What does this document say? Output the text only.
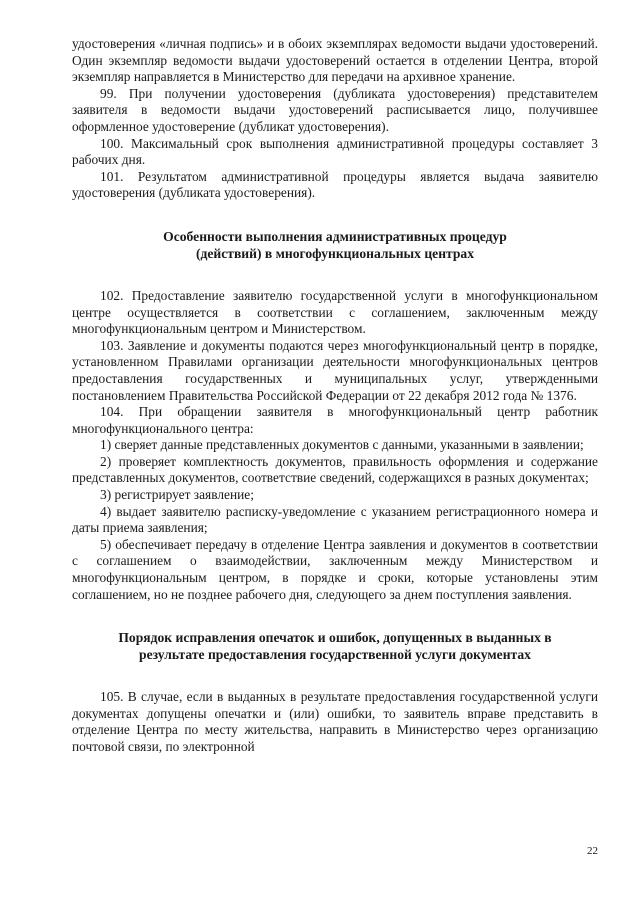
удостоверения «личная подпись» и в обоих экземплярах ведомости выдачи удостоверений. Один экземпляр ведомости выдачи удостоверений остается в отделении Центра, второй экземпляр направляется в Министерство для передачи на архивное хранение.

99. При получении удостоверения (дубликата удостоверения) представителем заявителя в ведомости выдачи удостоверений расписывается лицо, получившее оформленное удостоверение (дубликат удостоверения).

100. Максимальный срок выполнения административной процедуры составляет 3 рабочих дня.

101. Результатом административной процедуры является выдача заявителю удостоверения (дубликата удостоверения).

Особенности выполнения административных процедур
(действий) в многофункциональных центрах

102. Предоставление заявителю государственной услуги в многофункциональном центре осуществляется в соответствии с соглашением, заключенным между многофункциональным центром и Министерством.

103. Заявление и документы подаются через многофункциональный центр в порядке, установленном Правилами организации деятельности многофункциональных центров предоставления государственных и муниципальных услуг, утвержденными постановлением Правительства Российской Федерации от 22 декабря 2012 года № 1376.

104. При обращении заявителя в многофункциональный центр работник многофункционального центра:

1) сверяет данные представленных документов с данными, указанными в заявлении;

2) проверяет комплектность документов, правильность оформления и содержание представленных документов, соответствие сведений, содержащихся в разных документах;

3) регистрирует заявление;

4) выдает заявителю расписку-уведомление с указанием регистрационного номера и даты приема заявления;

5) обеспечивает передачу в отделение Центра заявления и документов в соответствии с соглашением о взаимодействии, заключенным между Министерством и многофункциональным центром, в порядке и сроки, которые установлены этим соглашением, но не позднее рабочего дня, следующего за днем поступления заявления.

Порядок исправления опечаток и ошибок, допущенных в выданных в
результате предоставления государственной услуги документах

105. В случае, если в выданных в результате предоставления государственной услуги документах допущены опечатки и (или) ошибки, то заявитель вправе представить в отделение Центра по месту жительства, направить в Министерство через организацию почтовой связи, по электронной

22
